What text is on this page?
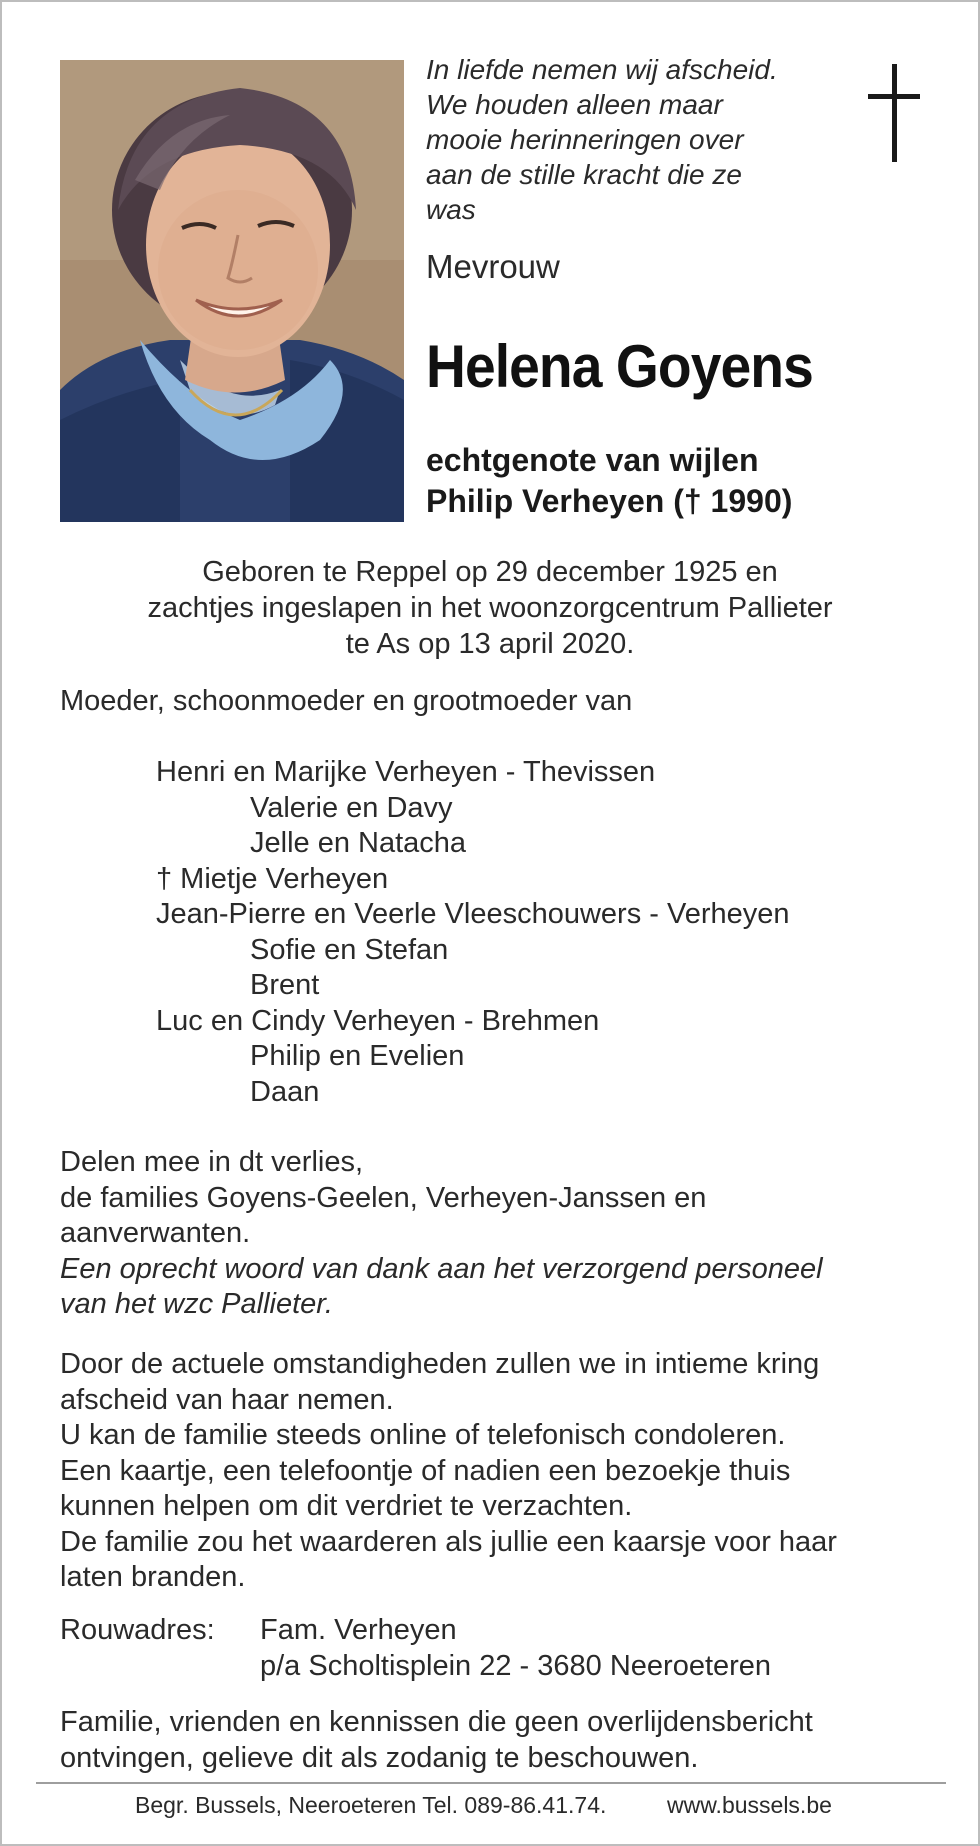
In liefde nemen wij afscheid.
We houden alleen maar
mooie herinneringen over
aan de stille kracht die ze
was
Mevrouw
Helena Goyens
echtgenote van wijlen
Philip Verheyen († 1990)
Geboren te Reppel op 29 december 1925 en
zachtjes ingeslapen in het woonzorgcentrum Pallieter
te As op 13 april 2020.
Moeder, schoonmoeder en grootmoeder van
Henri en Marijke Verheyen - Thevissen
Valerie en Davy
Jelle en Natacha
† Mietje Verheyen
Jean-Pierre en Veerle Vleeschouwers - Verheyen
Sofie en Stefan
Brent
Luc en Cindy Verheyen - Brehmen
Philip en Evelien
Daan
Delen mee in dt verlies,
de families Goyens-Geelen, Verheyen-Janssen en
aanverwanten.
Een oprecht woord van dank aan het verzorgend personeel
van het wzc Pallieter.
Door de actuele omstandigheden zullen we in intieme kring
afscheid van haar nemen.
U kan de familie steeds online of telefonisch condoleren.
Een kaartje, een telefoontje of nadien een bezoekje thuis
kunnen helpen om dit verdriet te verzachten.
De familie zou het waarderen als jullie een kaarsje voor haar
laten branden.
Rouwadres: Fam. Verheyen
p/a Scholtisplein 22 - 3680 Neeroeteren
Familie, vrienden en kennissen die geen overlijdensbericht
ontvingen, gelieve dit als zodanig te beschouwen.
Begr. Bussels, Neeroeteren Tel. 089-86.41.74.	www.bussels.be
